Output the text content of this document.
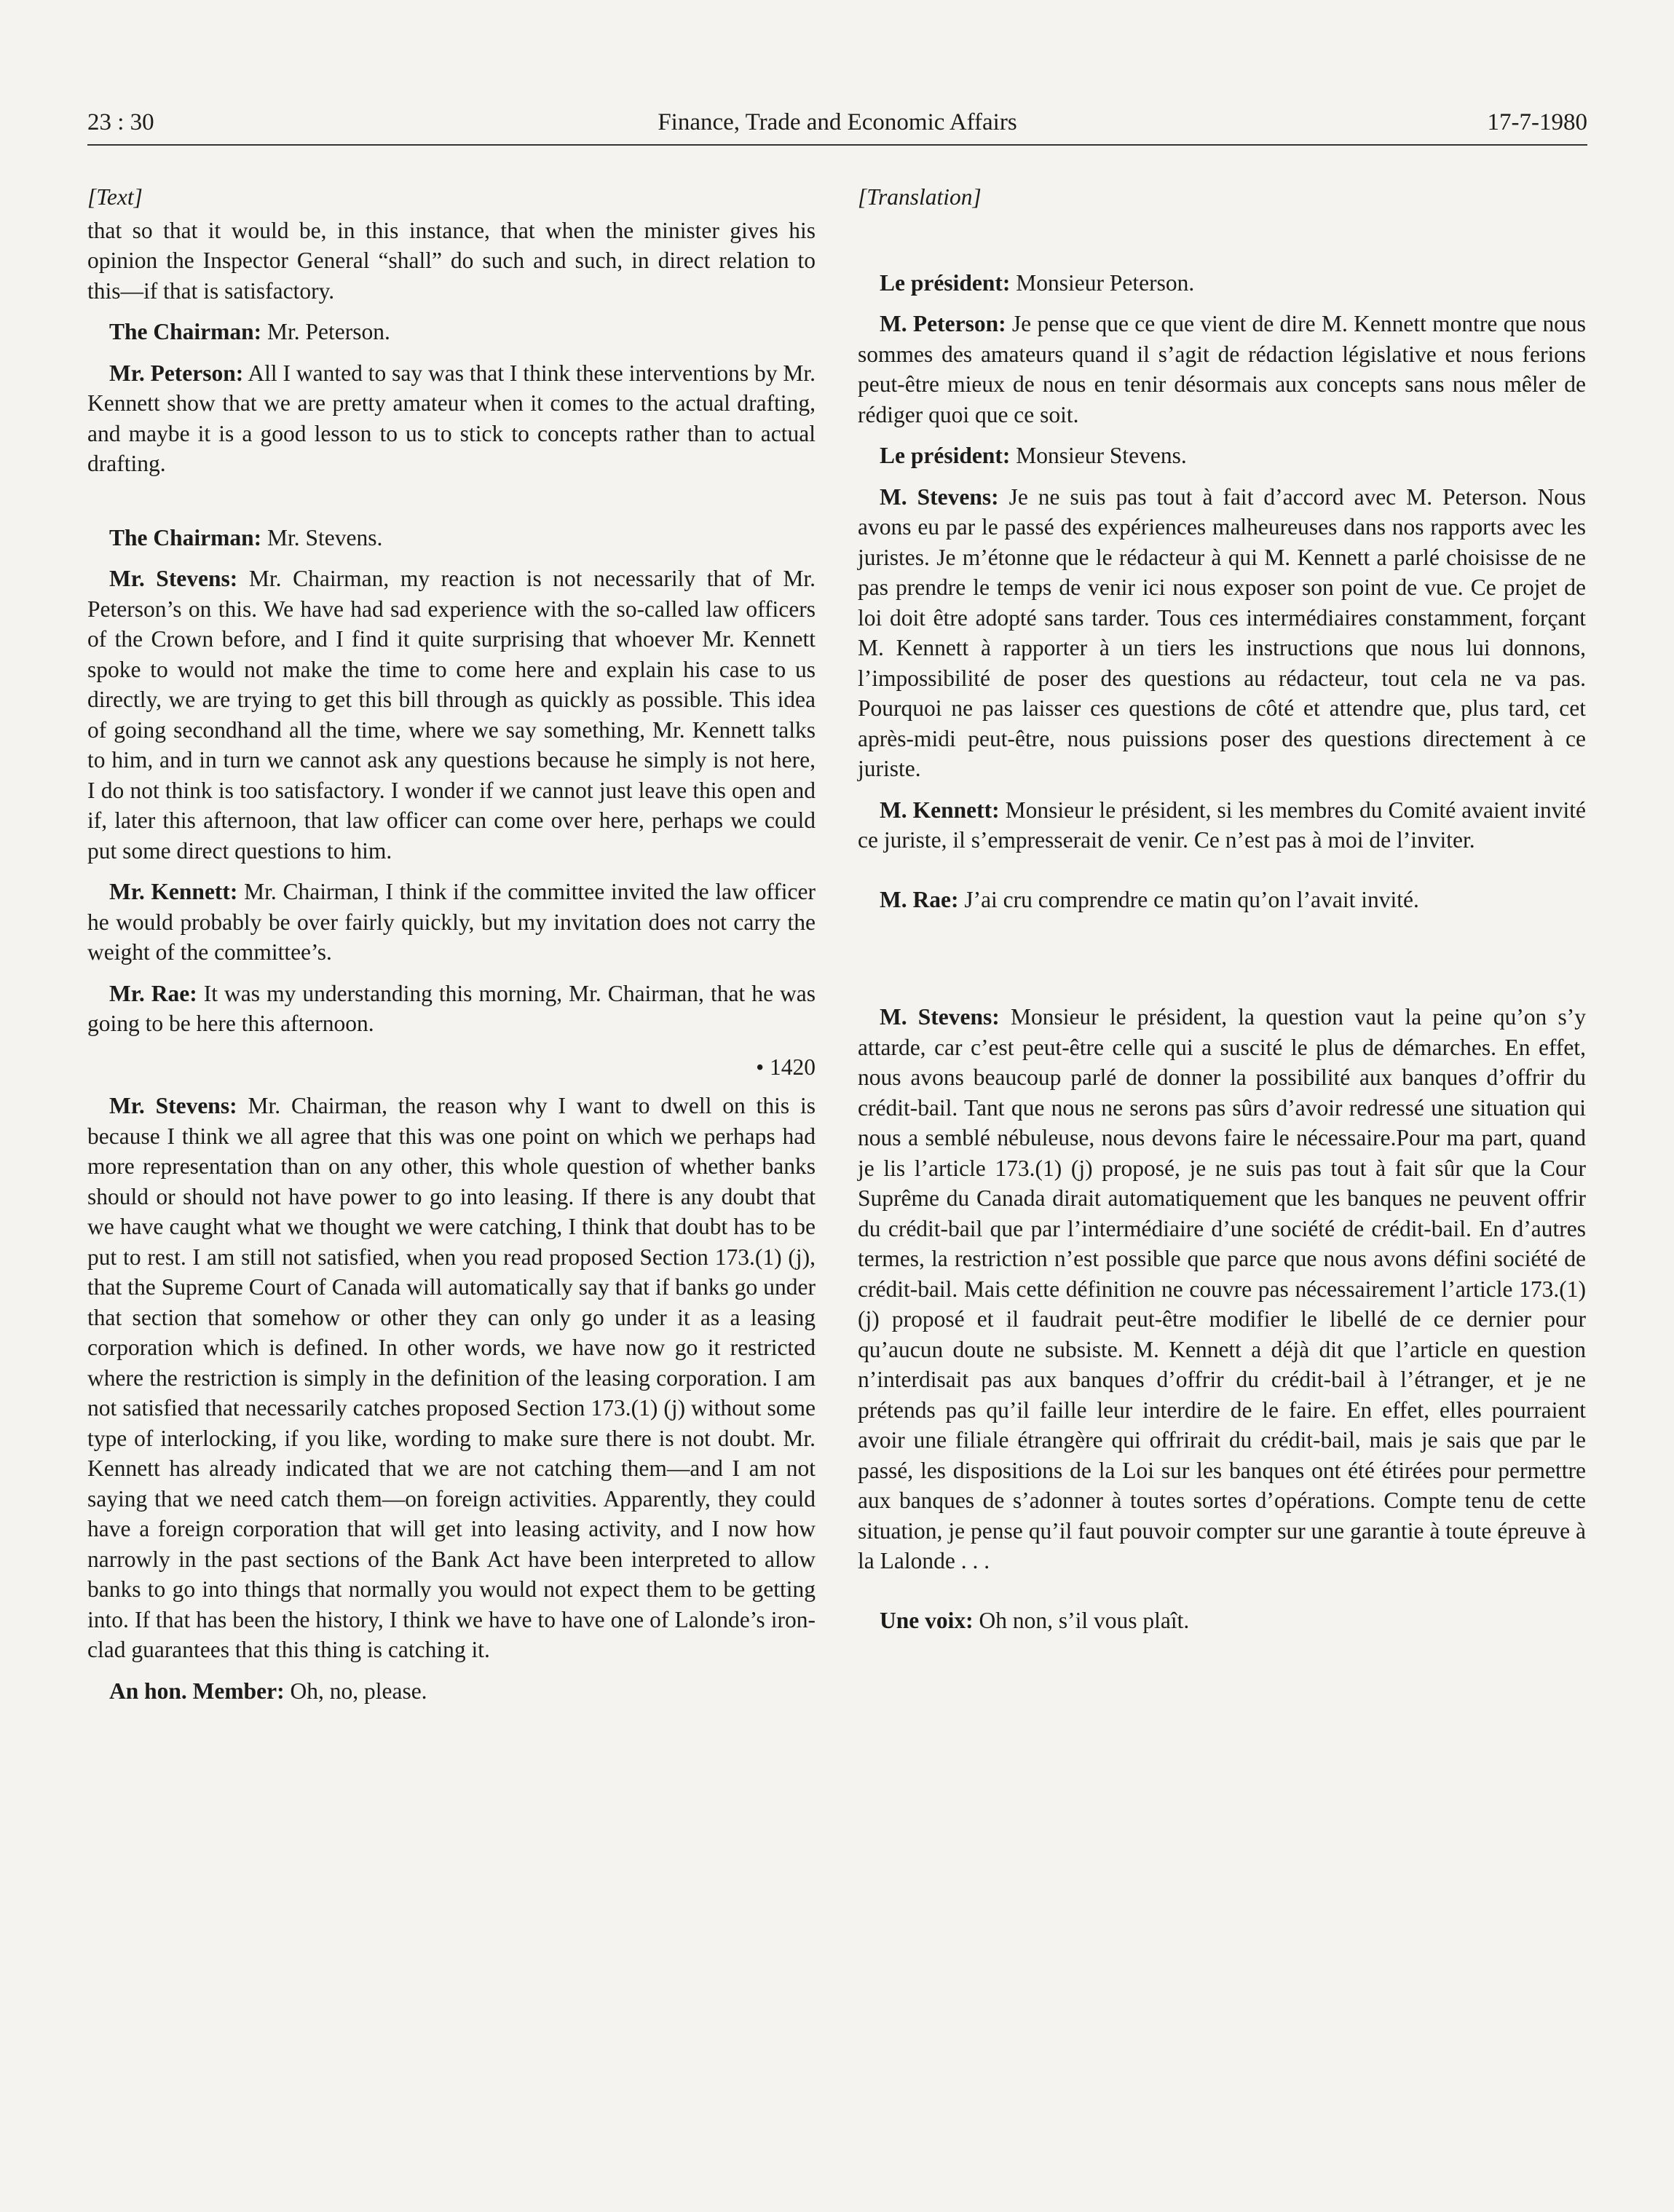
23 : 30	Finance, Trade and Economic Affairs	17-7-1980
[Text]

that so that it would be, in this instance, that when the minister gives his opinion the Inspector General “shall” do such and such, in direct relation to this—if that is satisfactory.

The Chairman: Mr. Peterson.

Mr. Peterson: All I wanted to say was that I think these interventions by Mr. Kennett show that we are pretty amateur when it comes to the actual drafting, and maybe it is a good lesson to us to stick to concepts rather than to actual drafting.

The Chairman: Mr. Stevens.

Mr. Stevens: Mr. Chairman, my reaction is not necessarily that of Mr. Peterson’s on this. We have had sad experience with the so-called law officers of the Crown before, and I find it quite surprising that whoever Mr. Kennett spoke to would not make the time to come here and explain his case to us directly, we are trying to get this bill through as quickly as possible. This idea of going secondhand all the time, where we say something, Mr. Kennett talks to him, and in turn we cannot ask any questions because he simply is not here, I do not think is too satisfactory. I wonder if we cannot just leave this open and if, later this afternoon, that law officer can come over here, perhaps we could put some direct questions to him.

Mr. Kennett: Mr. Chairman, I think if the committee invited the law officer he would probably be over fairly quickly, but my invitation does not carry the weight of the committee’s.

Mr. Rae: It was my understanding this morning, Mr. Chairman, that he was going to be here this afternoon.

• 1420

Mr. Stevens: Mr. Chairman, the reason why I want to dwell on this is because I think we all agree that this was one point on which we perhaps had more representation than on any other, this whole question of whether banks should or should not have power to go into leasing. If there is any doubt that we have caught what we thought we were catching, I think that doubt has to be put to rest. I am still not satisfied, when you read proposed Section 173.(1) (j), that the Supreme Court of Canada will automatically say that if banks go under that section that somehow or other they can only go under it as a leasing corporation which is defined. In other words, we have now go it restricted where the restriction is simply in the definition of the leasing corporation. I am not satisfied that necessarily catches proposed Section 173.(1) (j) without some type of interlocking, if you like, wording to make sure there is not doubt. Mr. Kennett has already indicated that we are not catching them—and I am not saying that we need catch them—on foreign activities. Apparently, they could have a foreign corporation that will get into leasing activity, and I now how narrowly in the past sections of the Bank Act have been interpreted to allow banks to go into things that normally you would not expect them to be getting into. If that has been the history, I think we have to have one of Lalonde’s iron-clad guarantees that this thing is catching it.

An hon. Member: Oh, no, please.

[Translation]

Le président: Monsieur Peterson.

M. Peterson: Je pense que ce que vient de dire M. Kennett montre que nous sommes des amateurs quand il s’agit de rédaction législative et nous ferions peut-être mieux de nous en tenir désormais aux concepts sans nous mêler de rédiger quoi que ce soit.

Le président: Monsieur Stevens.

M. Stevens: Je ne suis pas tout à fait d’accord avec M. Peterson. Nous avons eu par le passé des expériences malheureuses dans nos rapports avec les juristes. Je m’étonne que le rédacteur à qui M. Kennett a parlé choisisse de ne pas prendre le temps de venir ici nous exposer son point de vue. Ce projet de loi doit être adopté sans tarder. Tous ces intermédiaires constamment, forçant M. Kennett à rapporter à un tiers les instructions que nous lui donnons, l’impossibilité de poser des questions au rédacteur, tout cela ne va pas. Pourquoi ne pas laisser ces questions de côté et attendre que, plus tard, cet après-midi peut-être, nous puissions poser des questions directement à ce juriste.

M. Kennett: Monsieur le président, si les membres du Comité avaient invité ce juriste, il s’empresserait de venir. Ce n’est pas à moi de l’inviter.

M. Rae: J’ai cru comprendre ce matin qu’on l’avait invité.

M. Stevens: Monsieur le président, la question vaut la peine qu’on s’y attarde, car c’est peut-être celle qui a suscité le plus de démarches. En effet, nous avons beaucoup parlé de donner la possibilité aux banques d’offrir du crédit-bail. Tant que nous ne serons pas sûrs d’avoir redressé une situation qui nous a semblé nébuleuse, nous devons faire le nécessaire.Pour ma part, quand je lis l’article 173.(1) (j) proposé, je ne suis pas tout à fait sûr que la Cour Suprême du Canada dirait automatiquement que les banques ne peuvent offrir du crédit-bail que par l’intermédiaire d’une société de crédit-bail. En d’autres termes, la restriction n’est possible que parce que nous avons défini société de crédit-bail. Mais cette définition ne couvre pas nécessairement l’article 173.(1) (j) proposé et il faudrait peut-être modifier le libellé de ce dernier pour qu’aucun doute ne subsiste. M. Kennett a déjà dit que l’article en question n’interdisait pas aux banques d’offrir du crédit-bail à l’étranger, et je ne prétends pas qu’il faille leur interdire de le faire. En effet, elles pourraient avoir une filiale étrangère qui offrirait du crédit-bail, mais je sais que par le passé, les dispositions de la Loi sur les banques ont été étirées pour permettre aux banques de s’adonner à toutes sortes d’opérations. Compte tenu de cette situation, je pense qu’il faut pouvoir compter sur une garantie à toute épreuve à la Lalonde . . .

Une voix: Oh non, s’il vous plaît.
